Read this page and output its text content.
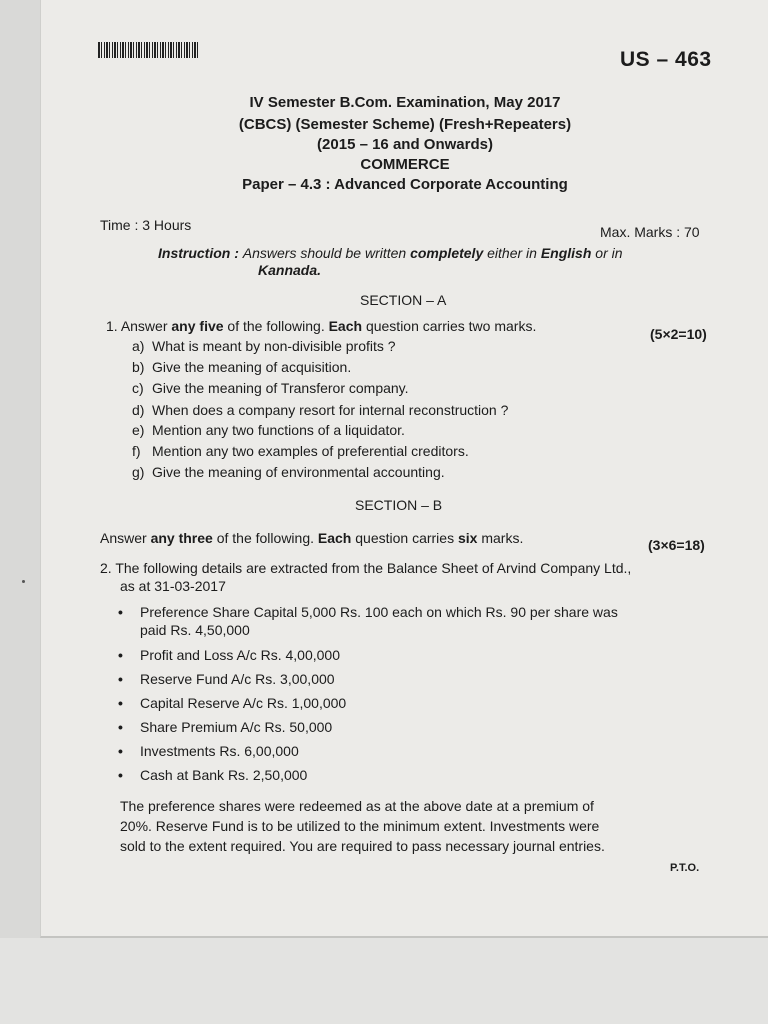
US – 463
IV Semester B.Com. Examination, May 2017
(CBCS) (Semester Scheme) (Fresh+Repeaters)
(2015 – 16 and Onwards)
COMMERCE
Paper – 4.3 : Advanced Corporate Accounting
Time : 3 Hours	Max. Marks : 70
Instruction : Answers should be written completely either in English or in
Kannada.
SECTION – A
1. Answer any five of the following. Each question carries two marks.	(5×2=10)
a) What is meant by non-divisible profits ?
b) Give the meaning of acquisition.
c) Give the meaning of Transferor company.
d) When does a company resort for internal reconstruction ?
e) Mention any two functions of a liquidator.
f) Mention any two examples of preferential creditors.
g) Give the meaning of environmental accounting.
SECTION – B
Answer any three of the following. Each question carries six marks.	(3×6=18)
2. The following details are extracted from the Balance Sheet of Arvind Company Ltd.,
as at 31-03-2017
• Preference Share Capital 5,000 Rs. 100 each on which Rs. 90 per share was
paid Rs. 4,50,000
• Profit and Loss A/c Rs. 4,00,000
• Reserve Fund A/c Rs. 3,00,000
• Capital Reserve A/c Rs. 1,00,000
• Share Premium A/c Rs. 50,000
• Investments Rs. 6,00,000
• Cash at Bank Rs. 2,50,000
The preference shares were redeemed as at the above date at a premium of
20%. Reserve Fund is to be utilized to the minimum extent. Investments were
sold to the extent required. You are required to pass necessary journal entries.
P.T.O.
